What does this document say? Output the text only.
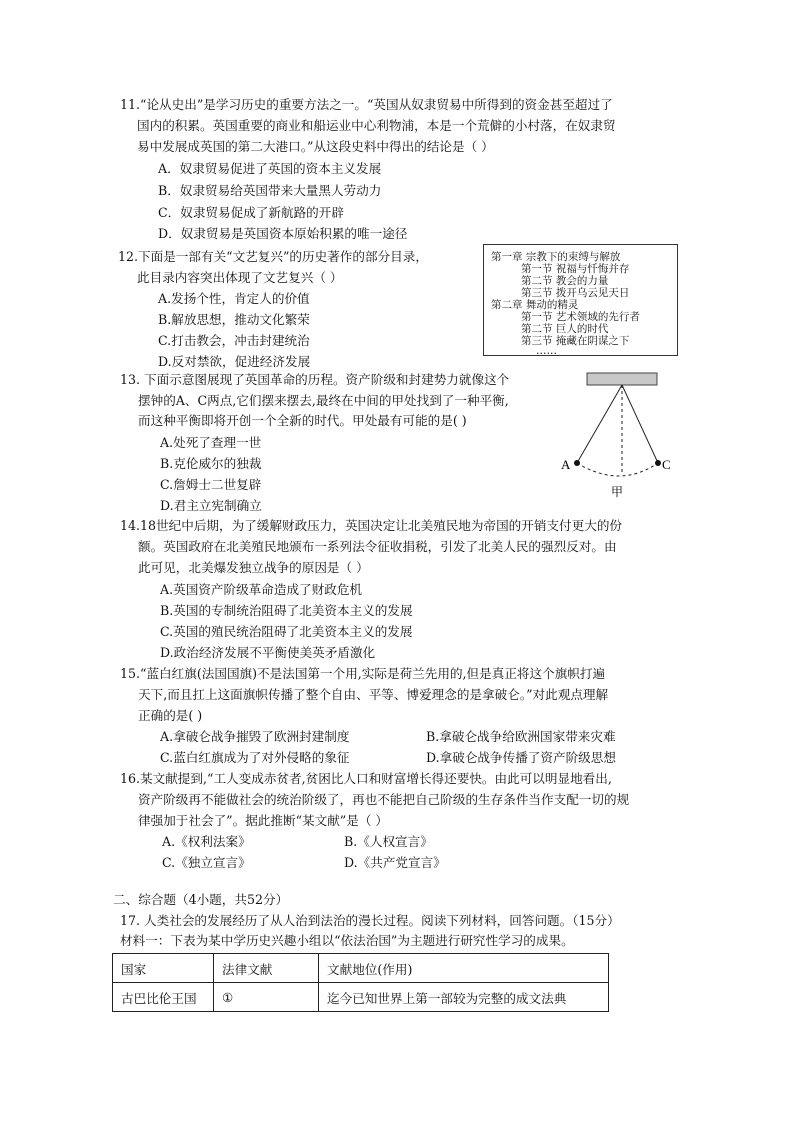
11.“论从史出”是学习历史的重要方法之一。“英国从奴隶贸易中所得到的资金甚至超过了
国内的积累。英国重要的商业和船运业中心利物浦，本是一个荒僻的小村落，在奴隶贸
易中发展成英国的第二大港口。”从这段史料中得出的结论是（ ）
A．奴隶贸易促进了英国的资本主义发展
B．奴隶贸易给英国带来大量黑人劳动力
C．奴隶贸易促成了新航路的开辟
D．奴隶贸易是英国资本原始积累的唯一途径
12.下面是一部有关“文艺复兴”的历史著作的部分目录，
此目录内容突出体现了文艺复兴（ ）
A.发扬个性，肯定人的价值
B.解放思想，推动文化繁荣
C.打击教会，冲击封建统治
D.反对禁欲，促进经济发展
第一章 宗教下的束缚与解放
第一节 祝福与忏悔并存
第二节 教会的力量
第三节 拨开乌云见天日
第二章 舞动的精灵
第一节 艺术领域的先行者
第二节 巨人的时代
第三节 掩藏在阴谋之下
……
13. 下面示意图展现了英国革命的历程。资产阶级和封建势力就像这个
摆钟的A、C两点,它们摆来摆去,最终在中间的甲处找到了一种平衡,
而这种平衡即将开创一个全新的时代。甲处最有可能的是( )
A.处死了查理一世
B.克伦威尔的独裁
C.詹姆士二世复辟
D.君主立宪制确立
A	C
甲
14.18世纪中后期，为了缓解财政压力，英国决定让北美殖民地为帝国的开销支付更大的份
额。英国政府在北美殖民地颁布一系列法令征收捐税，引发了北美人民的强烈反对。由
此可见，北美爆发独立战争的原因是（ ）
A.英国资产阶级革命造成了财政危机
B.英国的专制统治阻碍了北美资本主义的发展
C.英国的殖民统治阻碍了北美资本主义的发展
D.政治经济发展不平衡使美英矛盾激化
15.“蓝白红旗(法国国旗)不是法国第一个用,实际是荷兰先用的,但是真正将这个旗帜打遍
天下,而且扛上这面旗帜传播了整个自由、平等、博爱理念的是拿破仑。”对此观点理解
正确的是( )
A.拿破仑战争摧毁了欧洲封建制度	B.拿破仑战争给欧洲国家带来灾难
C.蓝白红旗成为了对外侵略的象征	D.拿破仑战争传播了资产阶级思想
16.某文献提到,“工人变成赤贫者,贫困比人口和财富增长得还要快。由此可以明显地看出,
资产阶级再不能做社会的统治阶级了，再也不能把自己阶级的生存条件当作支配一切的规
律强加于社会了”。据此推断“某文献”是（ ）
A.《权利法案》	B.《人权宣言》
C.《独立宣言》	D.《共产党宣言》
二、综合题（4小题，共52分）
17. 人类社会的发展经历了从人治到法治的漫长过程。阅读下列材料，回答问题。（15分）
材料一：下表为某中学历史兴趣小组以“依法治国”为主题进行研究性学习的成果。
国家	法律文献	文献地位(作用)
古巴比伦王国	①	迄今已知世界上第一部较为完整的成文法典
